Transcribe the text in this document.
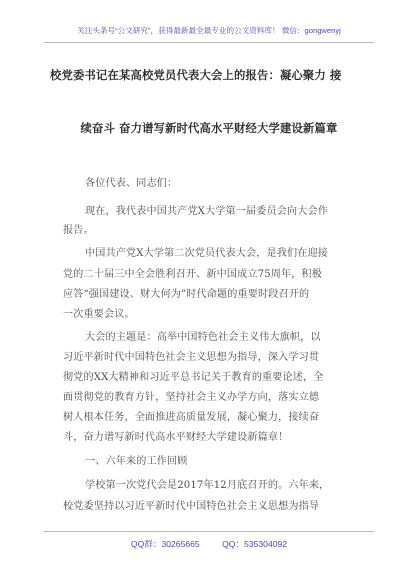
关注头条号“公文研究”，获得最新最全最专业的公文资料库！ 微信：gongwenyj
校党委书记在某高校党员代表大会上的报告：凝心聚力 接
续奋斗 奋力谱写新时代高水平财经大学建设新篇章
各位代表、同志们：
现在，我代表中国共产党X大学第一届委员会向大会作
报告。
中国共产党X大学第二次党员代表大会，是我们在迎接
党的二十届三中全会胜利召开、新中国成立75周年，积极
应答“强国建设、财大何为”时代命题的重要时段召开的
一次重要会议。
大会的主题是：高举中国特色社会主义伟大旗帜，以
习近平新时代中国特色社会主义思想为指导，深入学习贯
彻党的XX大精神和习近平总书记关于教育的重要论述，全
面贯彻党的教育方针，坚持社会主义办学方向，落实立德
树人根本任务，全面推进高质量发展，凝心聚力，接续奋
斗，奋力谱写新时代高水平财经大学建设新篇章！
一、六年来的工作回顾
学校第一次党代会是2017年12月底召开的。六年来，
校党委坚持以习近平新时代中国特色社会主义思想为指导
QQ群：30265665	QQ：535304092
